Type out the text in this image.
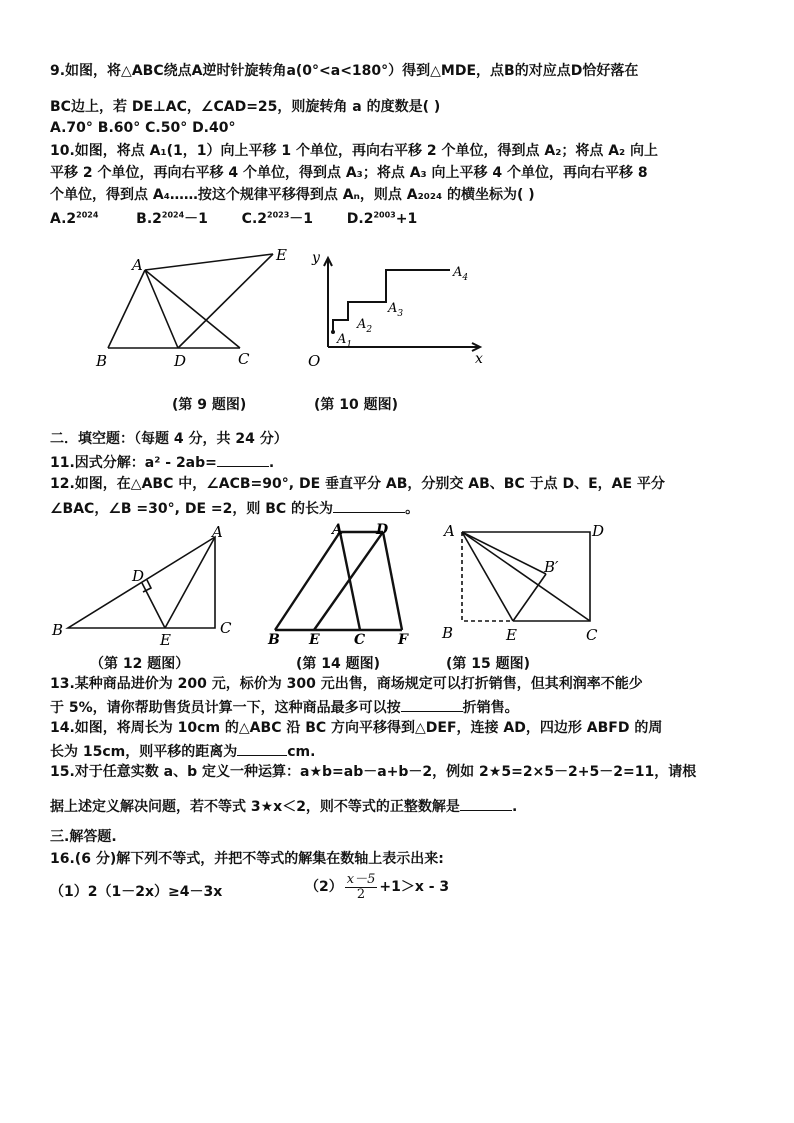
9.如图，将△ABC绕点A逆时针旋转角a(0°<a<180°）得到△MDE，点B的对应点D恰好落在
BC边上，若 DE⊥AC，∠CAD=25，则旋转角 a 的度数是( )
A.70° B.60° C.50° D.40°
10.如图，将点 A₁(1，1）向上平移 1 个单位，再向右平移 2 个单位，得到点 A₂；将点 A₂ 向上
平移 2 个单位，再向右平移 4 个单位，得到点 A₃；将点 A₃ 向上平移 4 个单位，再向右平移 8
个单位，得到点 A₄……按这个规律平移得到点 Aₙ，则点 A₂₀₂₄ 的横坐标为( )
$A.2^{2024}$	$B.2^{2024}-1$ $C.2^{2023}-1$ $D.2^{2003}+1$
A
B	D	C
E
(第 9 题图)
y
x
O
$A_1$
$A_2$
$A_3$
$A_4$
(第 10 题图)
二．填空题：（每题 4 分，共 24 分）
11.因式分解：a² - 2ab=	.
12.如图，在△ABC 中，∠ACB=90°, DE 垂直平分 AB，分别交 AB、BC 于点 D、E，AE 平分
∠BAC，∠B =30°, DE =2，则 BC 的长为	。
A
B	C
D
E
（第 12 题图）
A D
B E C F
(第 14 题图)
A	D
B′
B	E	C
(第 15 题图)
13.某种商品进价为 200 元，标价为 300 元出售，商场规定可以打折销售，但其利润率不能少
于 5%，请你帮助售货员计算一下，这种商品最多可以按	折销售。
14.如图，将周长为 10cm 的△ABC 沿 BC 方向平移得到△DEF，连接 AD，四边形 ABFD 的周
长为 15cm，则平移的距离为	cm.
15.对于任意实数 a、b 定义一种运算：a★b=ab－a+b－2，例如 2★5=2×5－2+5－2=11，请根
据上述定义解决问题，若不等式 3★x＜2，则不等式的正整数解是	.
三.解答题.
16.(6 分)解下列不等式，并把不等式的解集在数轴上表示出来:
（1）2（1－2x）≥4－3x	$(2) \frac{x-5}{2} +1>x - 3$
